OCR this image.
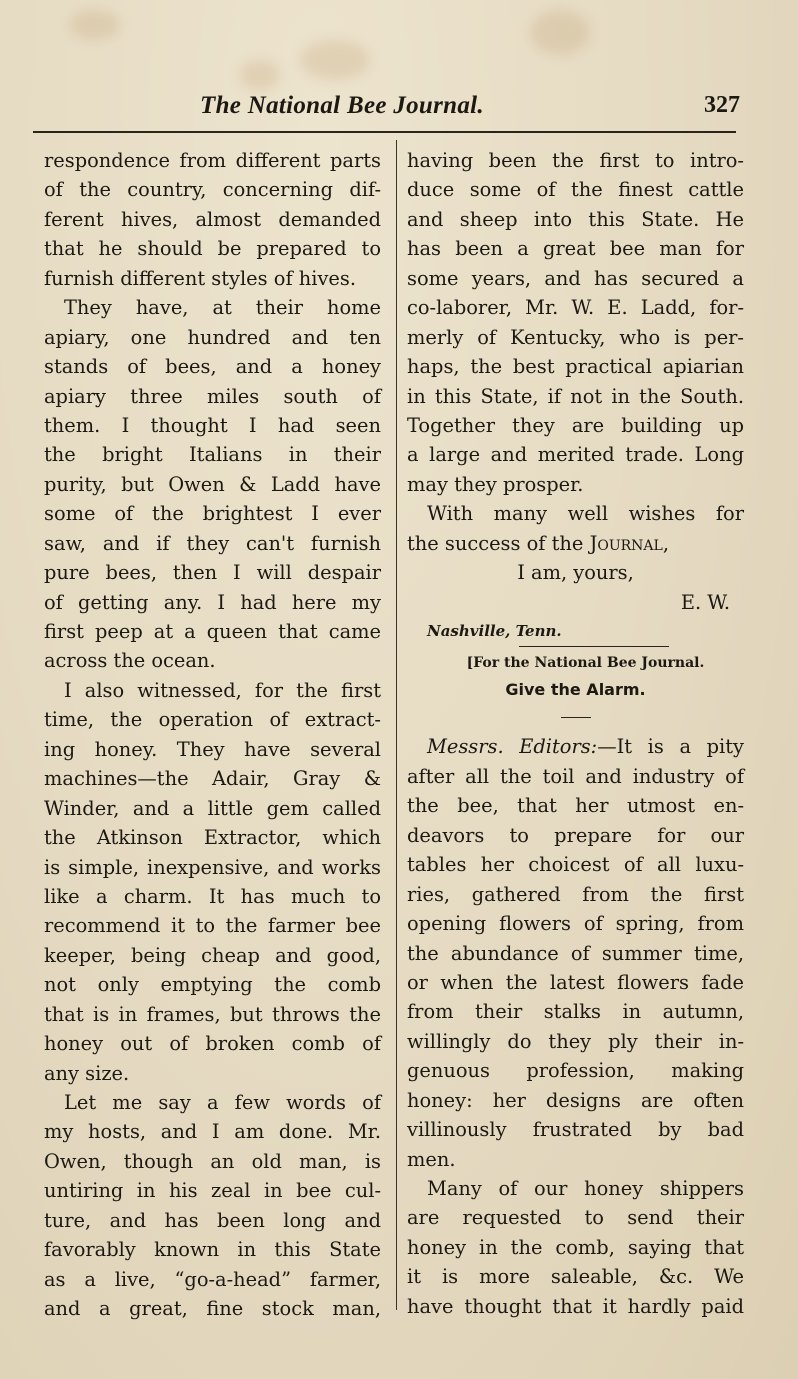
The National Bee Journal.	327
respondence from different parts
of the country, concerning dif-
ferent hives, almost demanded
that he should be prepared to
furnish different styles of hives.
They have, at their home
apiary, one hundred and ten
stands of bees, and a honey
apiary three miles south of
them. I thought I had seen
the bright Italians in their
purity, but Owen & Ladd have
some of the brightest I ever
saw, and if they can't furnish
pure bees, then I will despair
of getting any. I had here my
first peep at a queen that came
across the ocean.
I also witnessed, for the first
time, the operation of extract-
ing honey. They have several
machines—the Adair, Gray &
Winder, and a little gem called
the Atkinson Extractor, which
is simple, inexpensive, and works
like a charm. It has much to
recommend it to the farmer bee
keeper, being cheap and good,
not only emptying the comb
that is in frames, but throws the
honey out of broken comb of
any size.
Let me say a few words of
my hosts, and I am done. Mr.
Owen, though an old man, is
untiring in his zeal in bee cul-
ture, and has been long and
favorably known in this State
as a live, “go-a-head” farmer,
and a great, fine stock man,
having been the first to intro-
duce some of the finest cattle
and sheep into this State. He
has been a great bee man for
some years, and has secured a
co-laborer, Mr. W. E. Ladd, for-
merly of Kentucky, who is per-
haps, the best practical apiarian
in this State, if not in the South.
Together they are building up
a large and merited trade. Long
may they prosper.
With many well wishes for
the success of the Journal,
I am, yours,
E. W.
Nashville, Tenn.
[For the National Bee Journal.
Give the Alarm.
Messrs. Editors:—It is a pity
after all the toil and industry of
the bee, that her utmost en-
deavors to prepare for our
tables her choicest of all luxu-
ries, gathered from the first
opening flowers of spring, from
the abundance of summer time,
or when the latest flowers fade
from their stalks in autumn,
willingly do they ply their in-
genuous profession, making
honey: her designs are often
villinously frustrated by bad
men.
Many of our honey shippers
are requested to send their
honey in the comb, saying that
it is more saleable, &c. We
have thought that it hardly paid
